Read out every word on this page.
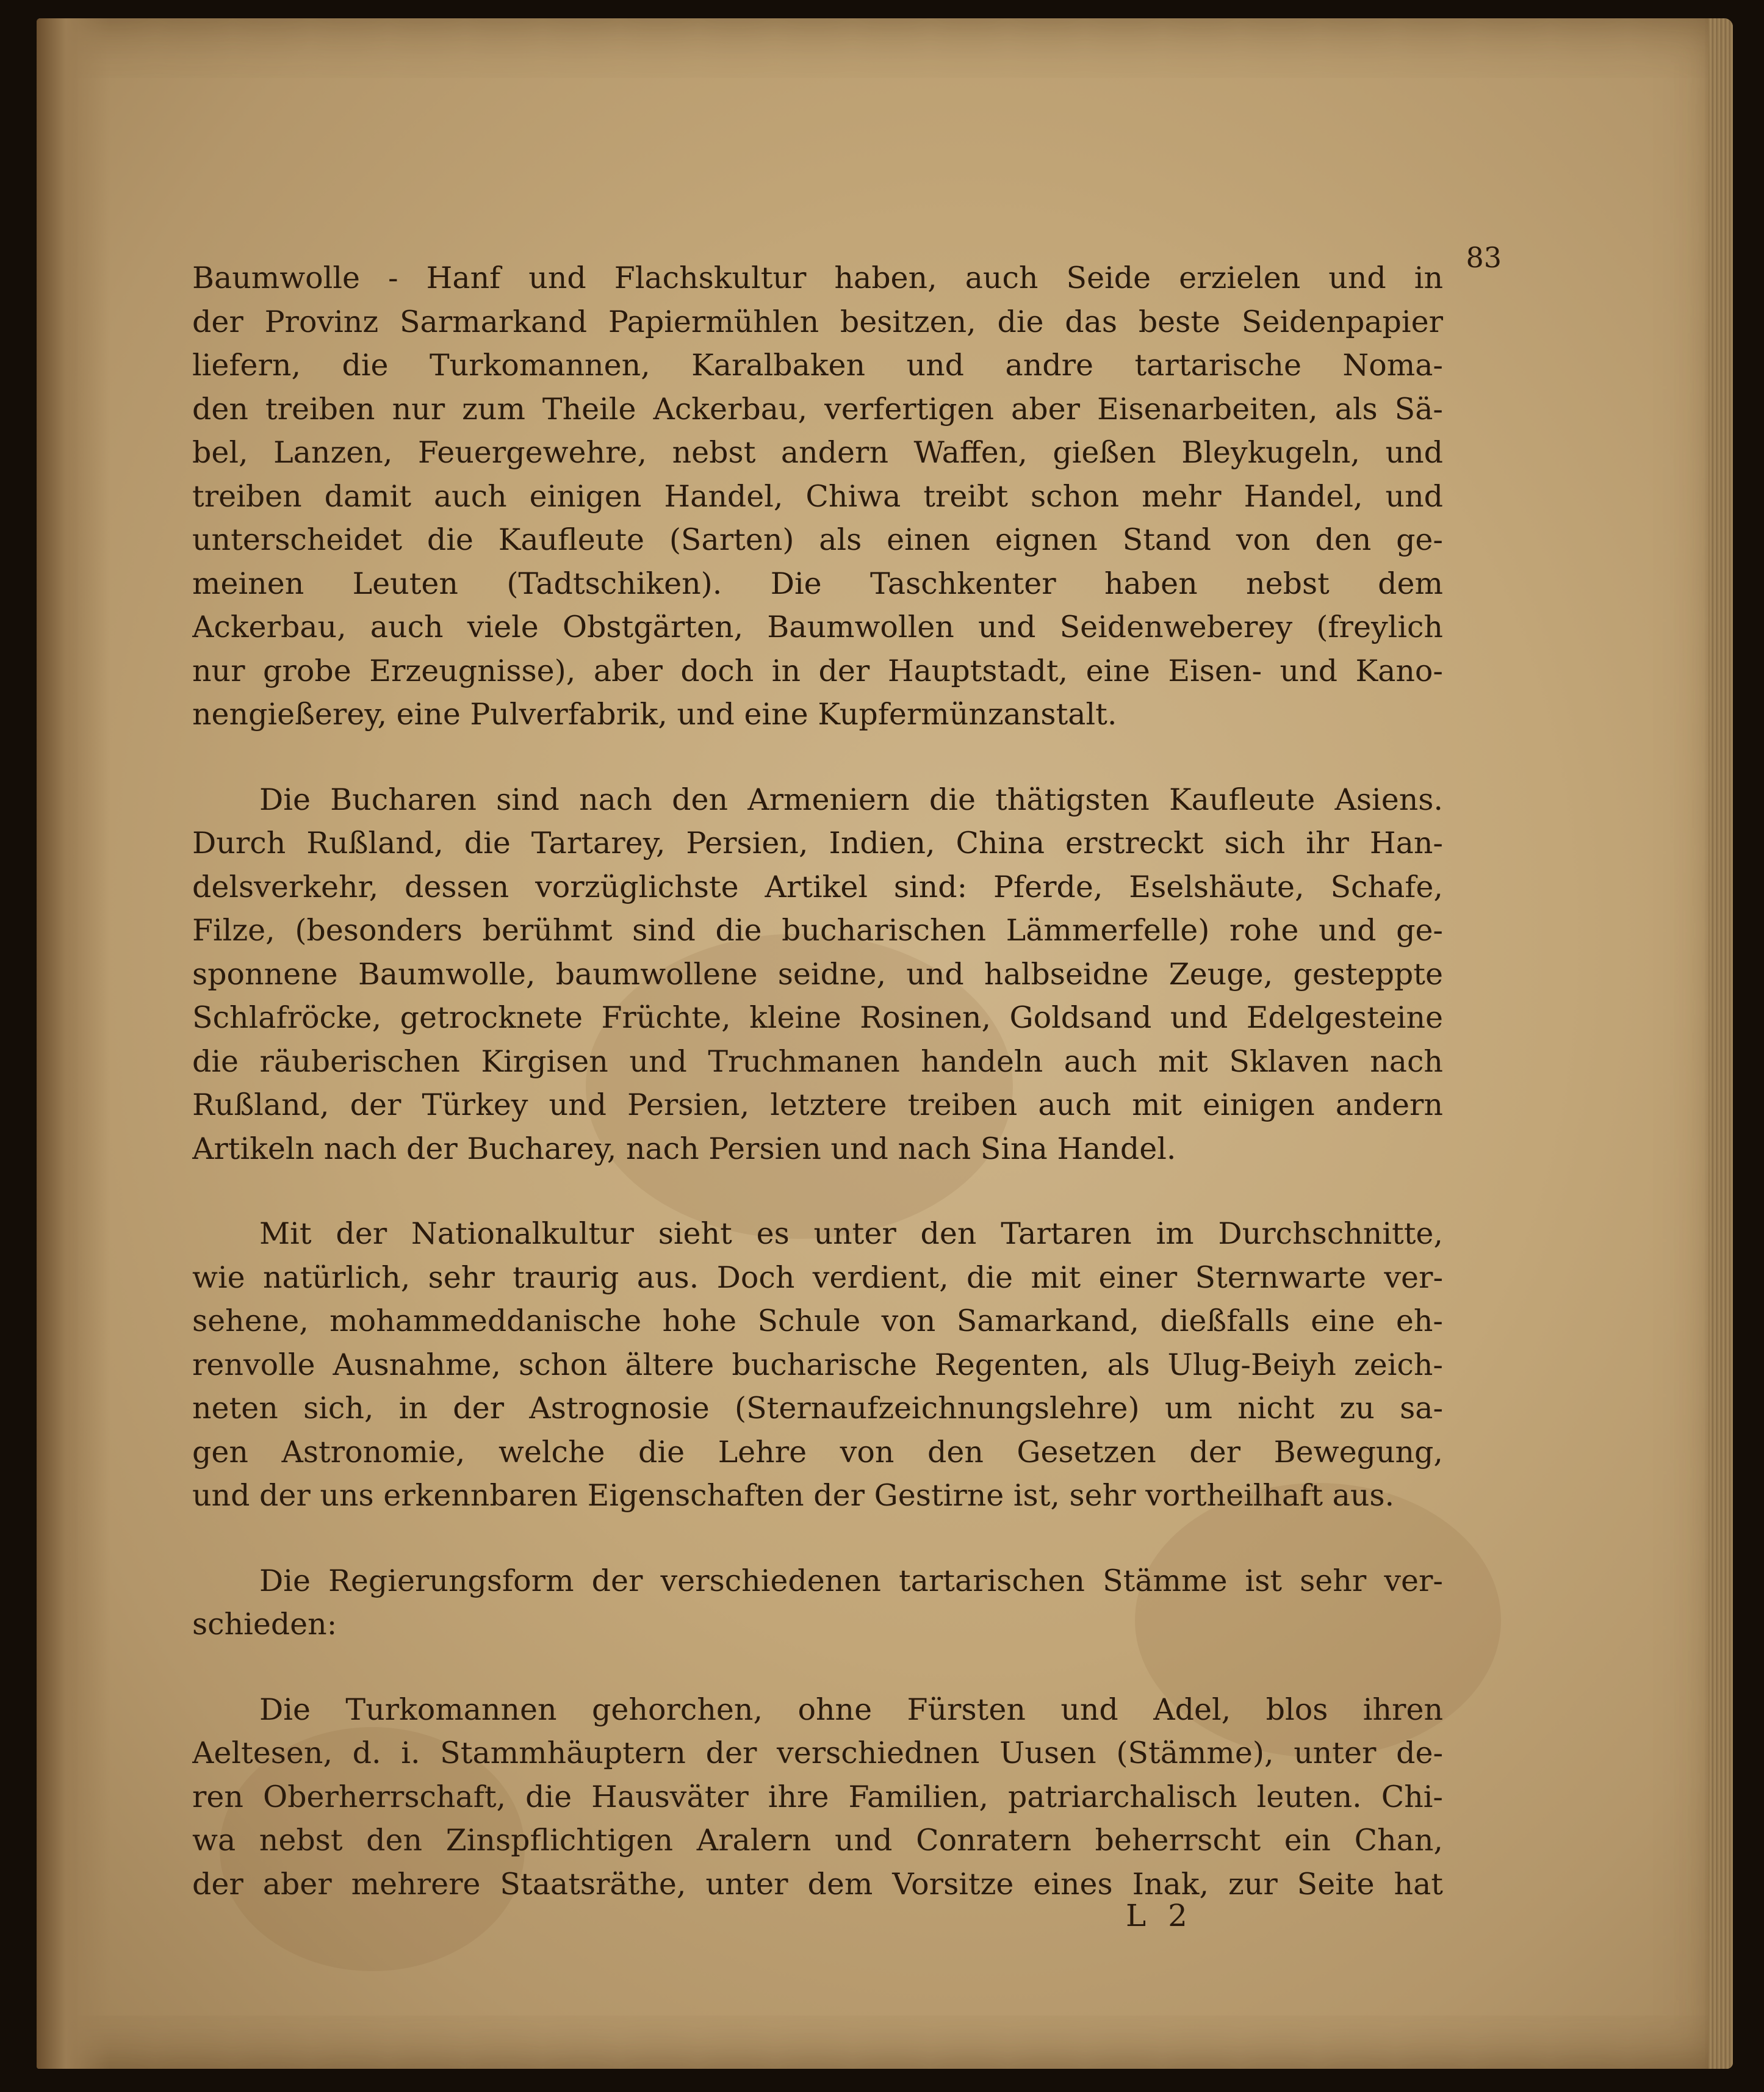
83
Baumwolle - Hanf und Flachskultur haben, auch Seide erzielen und in
der Provinz Sarmarkand Papiermühlen besitzen, die das beste Seidenpapier
liefern, die Turkomannen, Karalbaken und andre tartarische Noma-
den treiben nur zum Theile Ackerbau, verfertigen aber Eisenarbeiten, als Sä-
bel, Lanzen, Feuergewehre, nebst andern Waffen, gießen Bleykugeln, und
treiben damit auch einigen Handel, Chiwa treibt schon mehr Handel, und
unterscheidet die Kaufleute (Sarten) als einen eignen Stand von den ge-
meinen Leuten (Tadtschiken). Die Taschkenter haben nebst dem
Ackerbau, auch viele Obstgärten, Baumwollen und Seidenweberey (freylich
nur grobe Erzeugnisse), aber doch in der Hauptstadt, eine Eisen- und Kano-
nengießerey, eine Pulverfabrik, und eine Kupfermünzanstalt.
Die Bucharen sind nach den Armeniern die thätigsten Kaufleute Asiens.
Durch Rußland, die Tartarey, Persien, Indien, China erstreckt sich ihr Han-
delsverkehr, dessen vorzüglichste Artikel sind: Pferde, Eselshäute, Schafe,
Filze, (besonders berühmt sind die bucharischen Lämmerfelle) rohe und ge-
sponnene Baumwolle, baumwollene seidne, und halbseidne Zeuge, gesteppte
Schlafröcke, getrocknete Früchte, kleine Rosinen, Goldsand und Edelgesteine
die räuberischen Kirgisen und Truchmanen handeln auch mit Sklaven nach
Rußland, der Türkey und Persien, letztere treiben auch mit einigen andern
Artikeln nach der Bucharey, nach Persien und nach Sina Handel.
Mit der Nationalkultur sieht es unter den Tartaren im Durchschnitte,
wie natürlich, sehr traurig aus. Doch verdient, die mit einer Sternwarte ver-
sehene, mohammeddanische hohe Schule von Samarkand, dießfalls eine eh-
renvolle Ausnahme, schon ältere bucharische Regenten, als Ulug-Beiyh zeich-
neten sich, in der Astrognosie (Sternaufzeichnungslehre) um nicht zu sa-
gen Astronomie, welche die Lehre von den Gesetzen der Bewegung,
und der uns erkennbaren Eigenschaften der Gestirne ist, sehr vortheilhaft aus.
Die Regierungsform der verschiedenen tartarischen Stämme ist sehr ver-
schieden:
Die Turkomannen gehorchen, ohne Fürsten und Adel, blos ihren
Aeltesen, d. i. Stammhäuptern der verschiednen Uusen (Stämme), unter de-
ren Oberherrschaft, die Hausväter ihre Familien, patriarchalisch leuten. Chi-
wa nebst den Zinspflichtigen Aralern und Conratern beherrscht ein Chan,
der aber mehrere Staatsräthe, unter dem Vorsitze eines Inak, zur Seite hat
L 2
